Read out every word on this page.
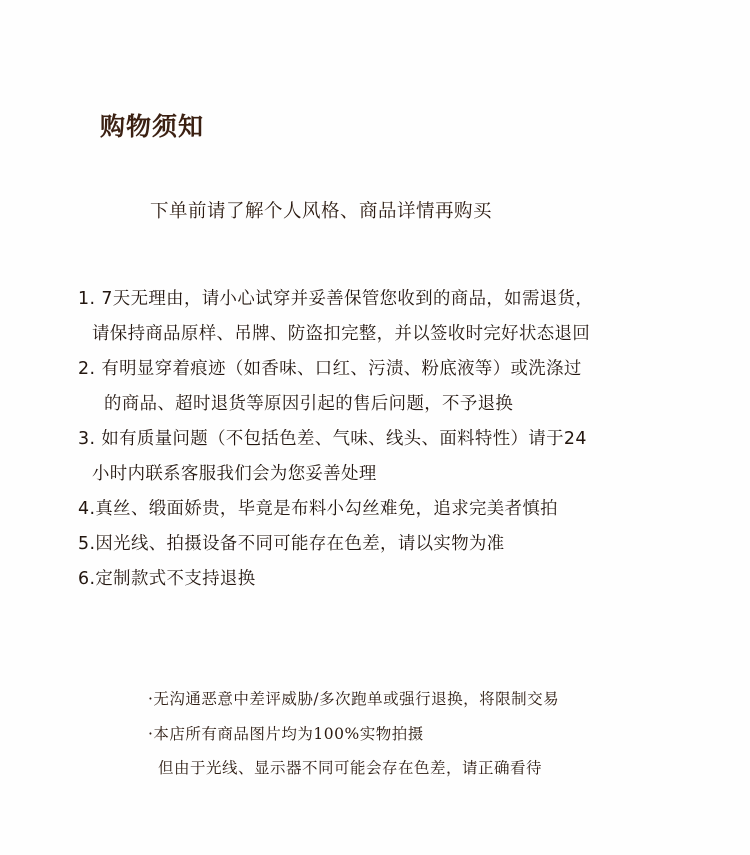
购物须知
下单前请了解个人风格、商品详情再购买
1. 7天无理由，请小心试穿并妥善保管您收到的商品，如需退货，
请保持商品原样、吊牌、防盗扣完整，并以签收时完好状态退回
2. 有明显穿着痕迹（如香味、口红、污渍、粉底液等）或洗涤过
的商品、超时退货等原因引起的售后问题，不予退换
3. 如有质量问题（不包括色差、气味、线头、面料特性）请于24
小时内联系客服我们会为您妥善处理
4.真丝、缎面娇贵，毕竟是布料小勾丝难免，追求完美者慎拍
5.因光线、拍摄设备不同可能存在色差，请以实物为准
6.定制款式不支持退换
·无沟通恶意中差评威胁/多次跑单或强行退换，将限制交易
·本店所有商品图片均为100%实物拍摄
但由于光线、显示器不同可能会存在色差，请正确看待
